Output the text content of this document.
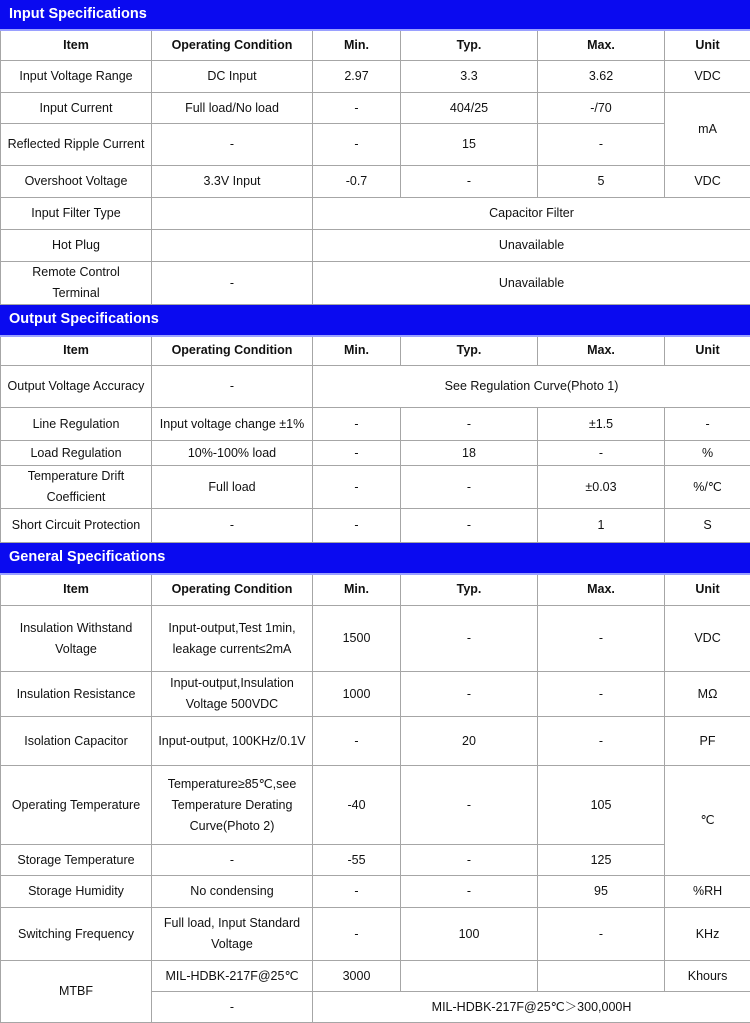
Input Specifications					
Item	Operating Condition	Min.	Typ.	Max.	Unit
Input Voltage Range	DC Input	2.97	3.3	3.62	VDC
Input Current	Full load/No load	-	404/25	-/70	mA
Reflected Ripple Current	-	-	15	-	
Overshoot Voltage	3.3V Input	-0.7	-	5	VDC
Input Filter Type		Capacitor Filter			
Hot Plug		Unavailable			
Remote Control Terminal	-	Unavailable			
Output Specifications					
Item	Operating Condition	Min.	Typ.	Max.	Unit
Output Voltage Accuracy	-	See Regulation Curve(Photo 1)			
Line Regulation	Input voltage change ±1%	-	-	±1.5	-
Load Regulation	10%-100% load	-	18	-	%
Temperature Drift Coefficient	Full load	-	-	±0.03	%/℃
Short Circuit Protection	-	-	-	1	S
General Specifications					
Item	Operating Condition	Min.	Typ.	Max.	Unit
Insulation Withstand Voltage	Input-output,Test 1min, leakage current≤2mA	1500	-	-	VDC
Insulation Resistance	Input-output,Insulation Voltage 500VDC	1000	-	-	MΩ
Isolation Capacitor	Input-output, 100KHz/0.1V	-	20	-	PF
Operating Temperature	Temperature≥85℃,see Temperature Derating Curve(Photo 2)	-40	-	105	℃
Storage Temperature	-	-55	-	125	
Storage Humidity	No condensing	-	-	95	%RH
Switching Frequency	Full load, Input Standard Voltage	-	100	-	KHz
MTBF	MIL-HDBK-217F@25℃	3000			Khours
	-	MIL-HDBK-217F@25℃＞300,000H			
